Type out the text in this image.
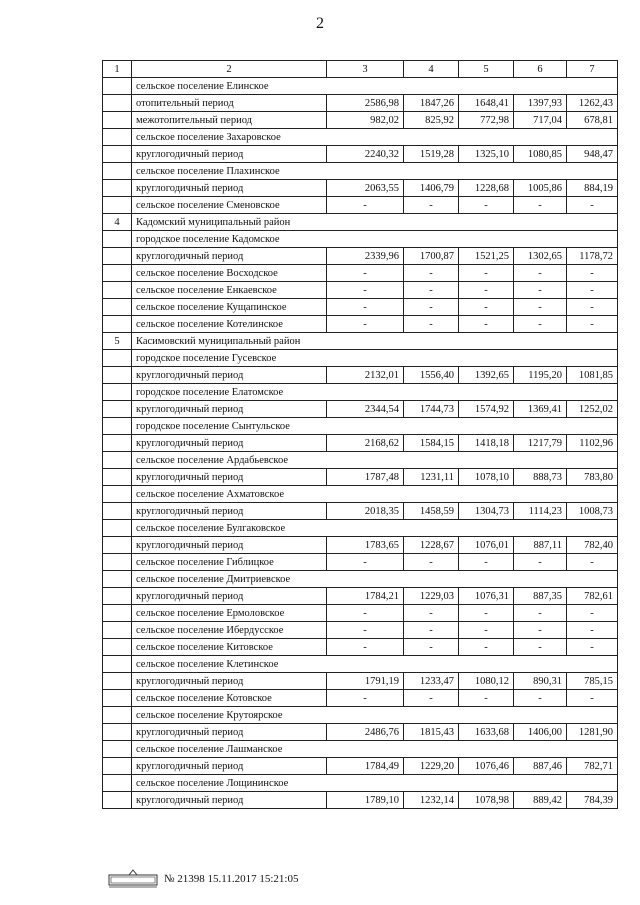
2
1	2	3	4	5	6	7
	сельское поселение Елинское					
	отопительный период	2586,98	1847,26	1648,41	1397,93	1262,43
	межотопительный период	982,02	825,92	772,98	717,04	678,81
	сельское поселение Захаровское					
	круглогодичный период	2240,32	1519,28	1325,10	1080,85	948,47
	сельское поселение Плахинское					
	круглогодичный период	2063,55	1406,79	1228,68	1005,86	884,19
	сельское поселение Сменовское	-	-	-	-	-
4	Кадомский муниципальный район					
	городское поселение Кадомское					
	круглогодичный период	2339,96	1700,87	1521,25	1302,65	1178,72
	сельское поселение Восходское	-	-	-	-	-
	сельское поселение Енкаевское	-	-	-	-	-
	сельское поселение Кущапинское	-	-	-	-	-
	сельское поселение Котелинское	-	-	-	-	-
5	Касимовский муниципальный район					
	городское поселение Гусевское					
	круглогодичный период	2132,01	1556,40	1392,65	1195,20	1081,85
	городское поселение Елатомское					
	круглогодичный период	2344,54	1744,73	1574,92	1369,41	1252,02
	городское поселение Сынтульское					
	круглогодичный период	2168,62	1584,15	1418,18	1217,79	1102,96
	сельское поселение Ардабьевское					
	круглогодичный период	1787,48	1231,11	1078,10	888,73	783,80
	сельское поселение Ахматовское					
	круглогодичный период	2018,35	1458,59	1304,73	1114,23	1008,73
	сельское поселение Булгаковское					
	круглогодичный период	1783,65	1228,67	1076,01	887,11	782,40
	сельское поселение Гиблицкое	-	-	-	-	-
	сельское поселение Дмитриевское					
	круглогодичный период	1784,21	1229,03	1076,31	887,35	782,61
	сельское поселение Ермоловское	-	-	-	-	-
	сельское поселение Ибердусское	-	-	-	-	-
	сельское поселение Китовское	-	-	-	-	-
	сельское поселение Клетинское					
	круглогодичный период	1791,19	1233,47	1080,12	890,31	785,15
	сельское поселение Котовское	-	-	-	-	-
	сельское поселение Крутоярское					
	круглогодичный период	2486,76	1815,43	1633,68	1406,00	1281,90
	сельское поселение Лашманское					
	круглогодичный период	1784,49	1229,20	1076,46	887,46	782,71
	сельское поселение Лощининское					
	круглогодичный период	1789,10	1232,14	1078,98	889,42	784,39
№ 21398 15.11.2017 15:21:05
